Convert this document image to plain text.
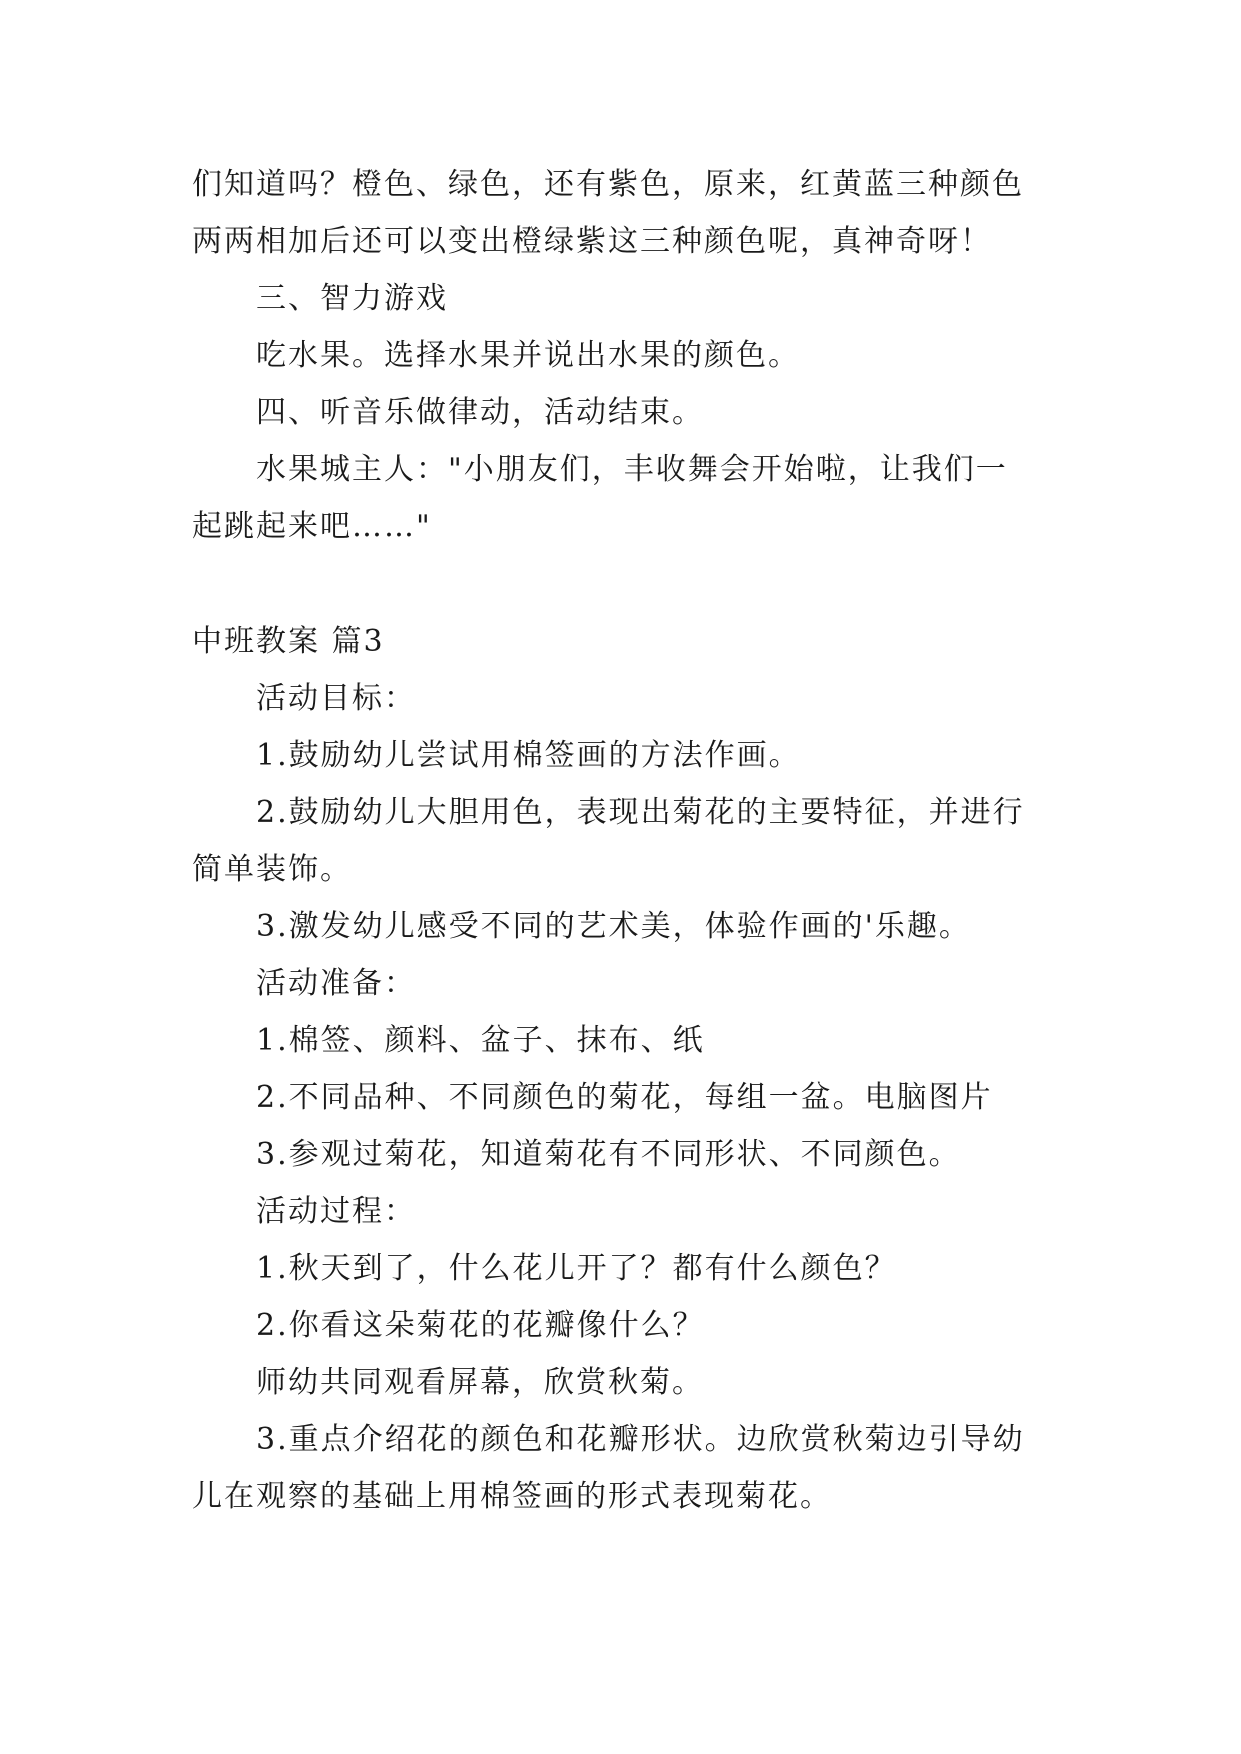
们知道吗？橙色、绿色，还有紫色，原来，红黄蓝三种颜色
两两相加后还可以变出橙绿紫这三种颜色呢，真神奇呀！
三、智力游戏
吃水果。选择水果并说出水果的颜色。
四、听音乐做律动，活动结束。
水果城主人："小朋友们，丰收舞会开始啦，让我们一
起跳起来吧……"
中班教案 篇3
活动目标：
1.鼓励幼儿尝试用棉签画的方法作画。
2.鼓励幼儿大胆用色，表现出菊花的主要特征，并进行
简单装饰。
3.激发幼儿感受不同的艺术美，体验作画的'乐趣。
活动准备：
1.棉签、颜料、盆子、抹布、纸
2.不同品种、不同颜色的菊花，每组一盆。电脑图片
3.参观过菊花，知道菊花有不同形状、不同颜色。
活动过程：
1.秋天到了，什么花儿开了？都有什么颜色？
2.你看这朵菊花的花瓣像什么？
师幼共同观看屏幕，欣赏秋菊。
3.重点介绍花的颜色和花瓣形状。边欣赏秋菊边引导幼
儿在观察的基础上用棉签画的形式表现菊花。
